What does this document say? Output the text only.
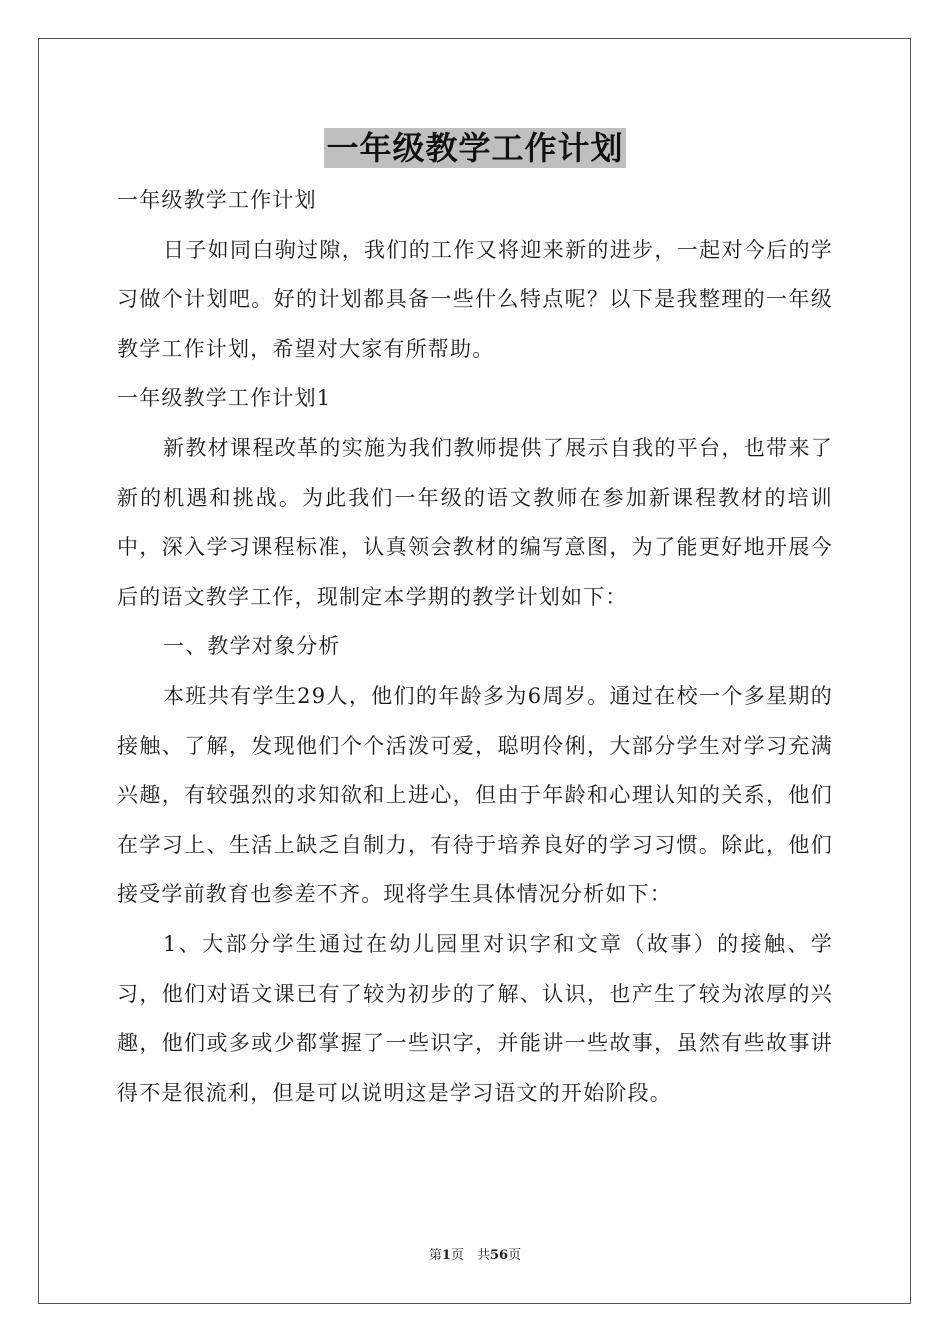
一年级教学工作计划

一年级教学工作计划

日子如同白驹过隙，我们的工作又将迎来新的进步，一起对今后的学习做个计划吧。好的计划都具备一些什么特点呢？以下是我整理的一年级教学工作计划，希望对大家有所帮助。

一年级教学工作计划1

新教材课程改革的实施为我们教师提供了展示自我的平台，也带来了新的机遇和挑战。为此我们一年级的语文教师在参加新课程教材的培训中，深入学习课程标准，认真领会教材的编写意图，为了能更好地开展今后的语文教学工作，现制定本学期的教学计划如下：

一、教学对象分析

本班共有学生29人，他们的年龄多为6周岁。通过在校一个多星期的接触、了解，发现他们个个活泼可爱，聪明伶俐，大部分学生对学习充满兴趣，有较强烈的求知欲和上进心，但由于年龄和心理认知的关系，他们在学习上、生活上缺乏自制力，有待于培养良好的学习习惯。除此，他们接受学前教育也参差不齐。现将学生具体情况分析如下：

1、大部分学生通过在幼儿园里对识字和文章（故事）的接触、学习，他们对语文课已有了较为初步的了解、认识，也产生了较为浓厚的兴趣，他们或多或少都掌握了一些识字，并能讲一些故事，虽然有些故事讲得不是很流利，但是可以说明这是学习语文的开始阶段。

第1页　共56页
